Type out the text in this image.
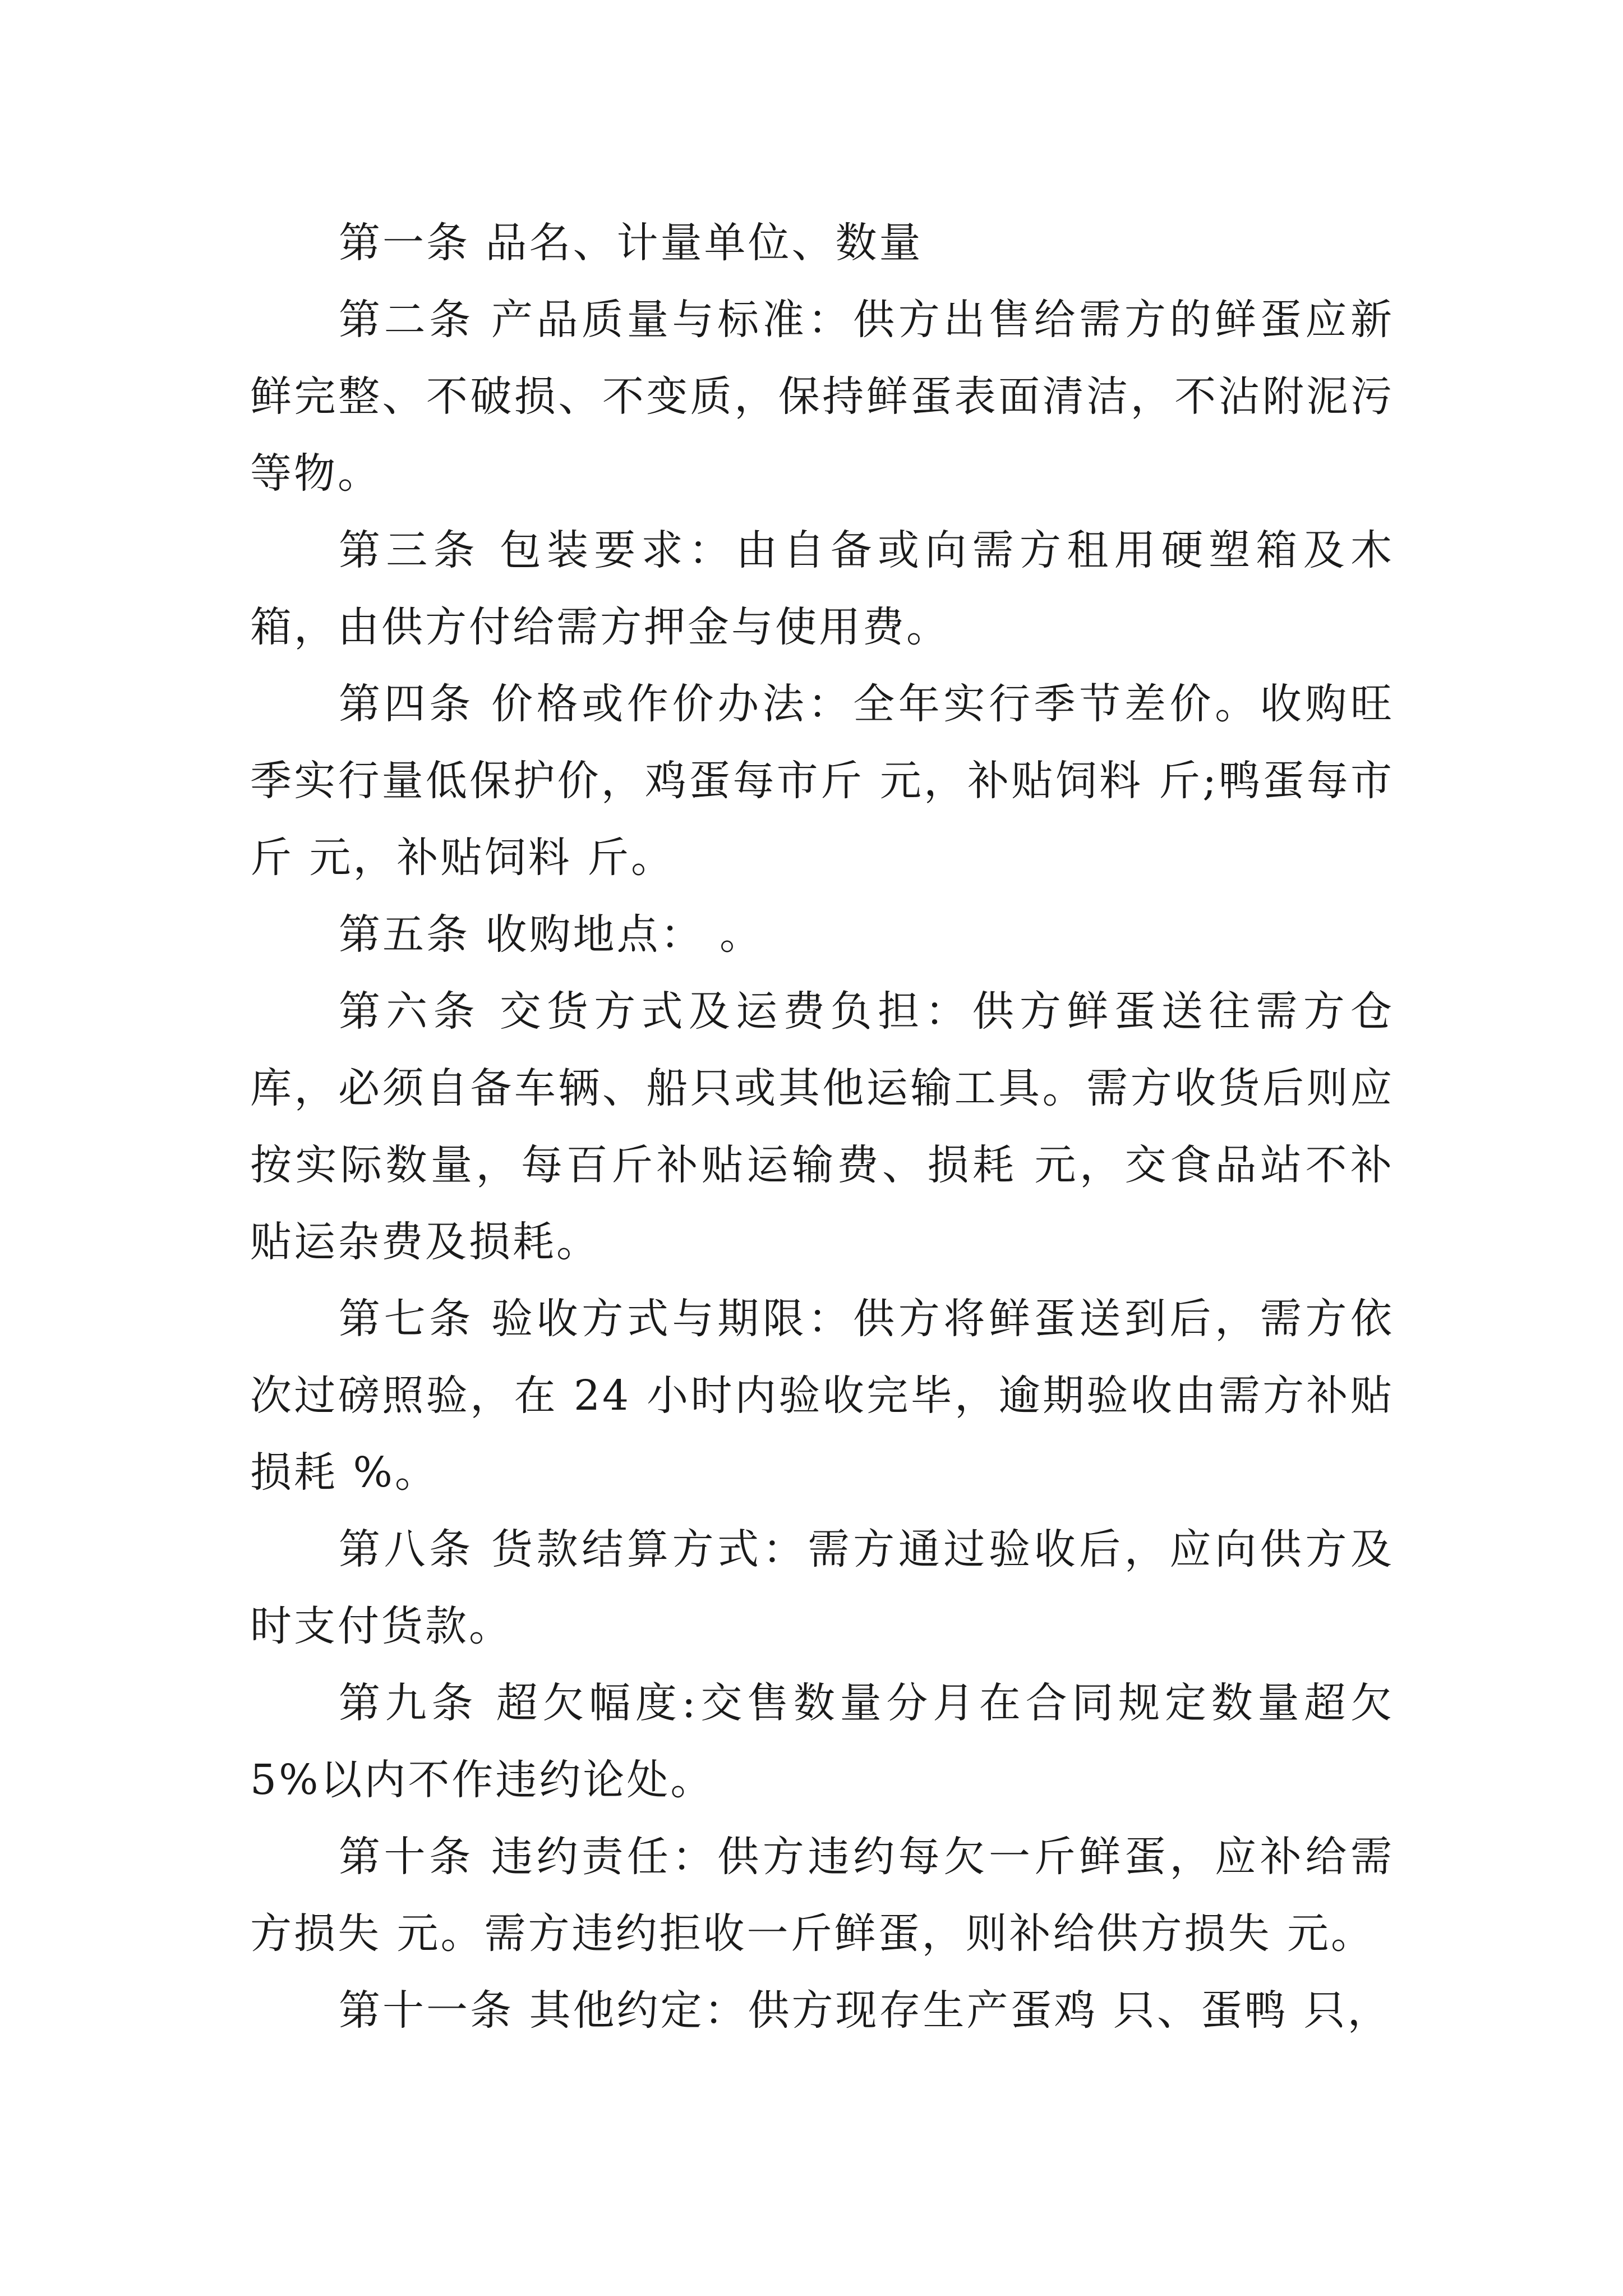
第一条 品名、计量单位、数量

第二条 产品质量与标准：供方出售给需方的鲜蛋应新鲜完整、不破损、不变质，保持鲜蛋表面清洁，不沾附泥污等物。

第三条 包装要求：由自备或向需方租用硬塑箱及木箱，由供方付给需方押金与使用费。

第四条 价格或作价办法：全年实行季节差价。收购旺季实行量低保护价，鸡蛋每市斤 元，补贴饲料 斤;鸭蛋每市斤 元，补贴饲料 斤。

第五条 收购地点： 。

第六条 交货方式及运费负担：供方鲜蛋送往需方仓库，必须自备车辆、船只或其他运输工具。需方收货后则应按实际数量，每百斤补贴运输费、损耗 元，交食品站不补贴运杂费及损耗。

第七条 验收方式与期限：供方将鲜蛋送到后，需方依次过磅照验，在 24 小时内验收完毕，逾期验收由需方补贴损耗 %。

第八条 货款结算方式：需方通过验收后，应向供方及时支付货款。

第九条 超欠幅度:交售数量分月在合同规定数量超欠 5%以内不作违约论处。

第十条 违约责任：供方违约每欠一斤鲜蛋，应补给需方损失 元。需方违约拒收一斤鲜蛋，则补给供方损失 元。

第十一条 其他约定：供方现存生产蛋鸡 只、蛋鸭 只，
